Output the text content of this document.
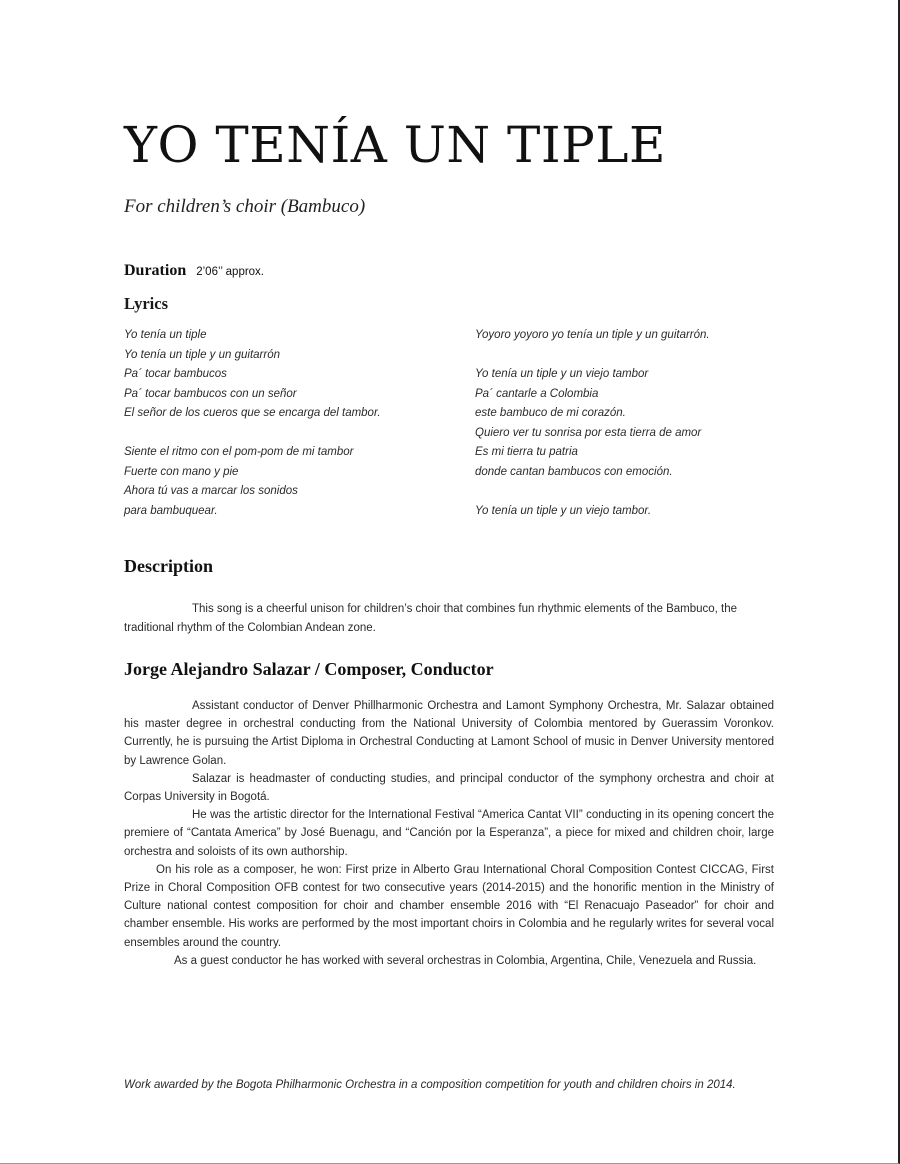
YO TENÍA UN TIPLE

For children’s choir (Bambuco)

Duration 2’06’’ approx.
Lyrics
Yo tenía un tiple
Yo tenía un tiple y un guitarrón
Pa´ tocar bambucos
Pa´ tocar bambucos con un señor
El señor de los cueros que se encarga del tambor.
Siente el ritmo con el pom-pom de mi tambor
Fuerte con mano y pie
Ahora tú vas a marcar los sonidos
para bambuquear.
Yoyoro yoyoro yo tenía un tiple y un guitarrón.
Yo tenía un tiple y un viejo tambor
Pa´ cantarle a Colombia
este bambuco de mi corazón.
Quiero ver tu sonrisa por esta tierra de amor
Es mi tierra tu patria
donde cantan bambucos con emoción.
Yo tenía un tiple y un viejo tambor.
Description

This song is a cheerful unison for children’s choir that combines fun rhythmic elements of the Bambuco, the traditional rhythm of the Colombian Andean zone.

Jorge Alejandro Salazar / Composer, Conductor

Assistant conductor of Denver Phillharmonic Orchestra and Lamont Symphony Orchestra, Mr. Salazar obtained his master degree in orchestral conducting from the National University of Colombia mentored by Guerassim Voronkov. Currently, he is pursuing the Artist Diploma in Orchestral Conducting at Lamont School of music in Denver University mentored by Lawrence Golan.

Salazar is headmaster of conducting studies, and principal conductor of the symphony orchestra and choir at Corpas University in Bogotá.

He was the artistic director for the International Festival “America Cantat VII” conducting in its opening concert the premiere of “Cantata America” by José Buenagu, and “Canción por la Esperanza”, a piece for mixed and children choir, large orchestra and soloists of its own authorship.

On his role as a composer, he won: First prize in Alberto Grau International Choral Composition Contest CICCAG, First Prize in Choral Composition OFB contest for two consecutive years (2014-2015) and the honorific mention in the Ministry of Culture national contest composition for choir and chamber ensemble 2016 with “El Renacuajo Paseador” for choir and chamber ensemble. His works are performed by the most important choirs in Colombia and he regularly writes for several vocal ensembles around the country.

As a guest conductor he has worked with several orchestras in Colombia, Argentina, Chile, Venezuela and Russia.

Work awarded by the Bogota Philharmonic Orchestra in a composition competition for youth and children choirs in 2014.
